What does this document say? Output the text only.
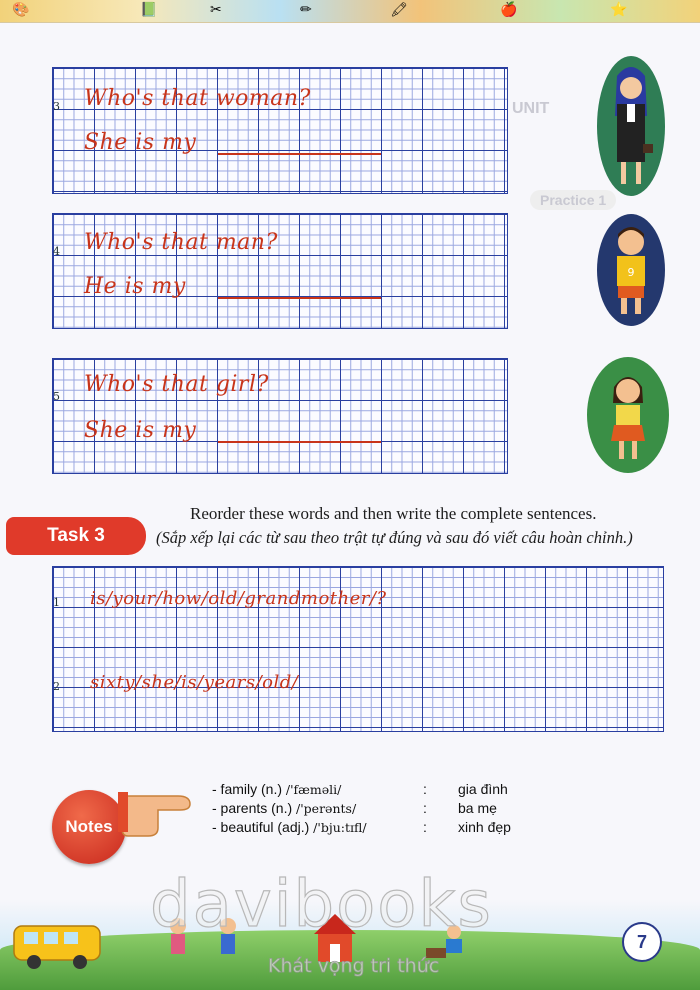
🎨	📗	✂	✏	🖍	🍎	⭐
UNIT
Practice 1
3 Who's that woman?
She is my
4 Who's that man?
He is my
5 Who's that girl?
She is my
9
Task 3
Reorder these words and then write the complete sentences.
(Sắp xếp lại các từ sau theo trật tự đúng và sau đó viết câu hoàn chỉnh.)
1 is/your/how/old/grandmother/?
2 sixty/she/is/years/old/
Notes
- family (n.) /'fæməli/	: gia đình
- parents (n.) /'perənts/	: ba mẹ
- beautiful (adj.) /'bju:tɪfl/	: xinh đẹp
davibooks
Khát vọng tri thức
7
